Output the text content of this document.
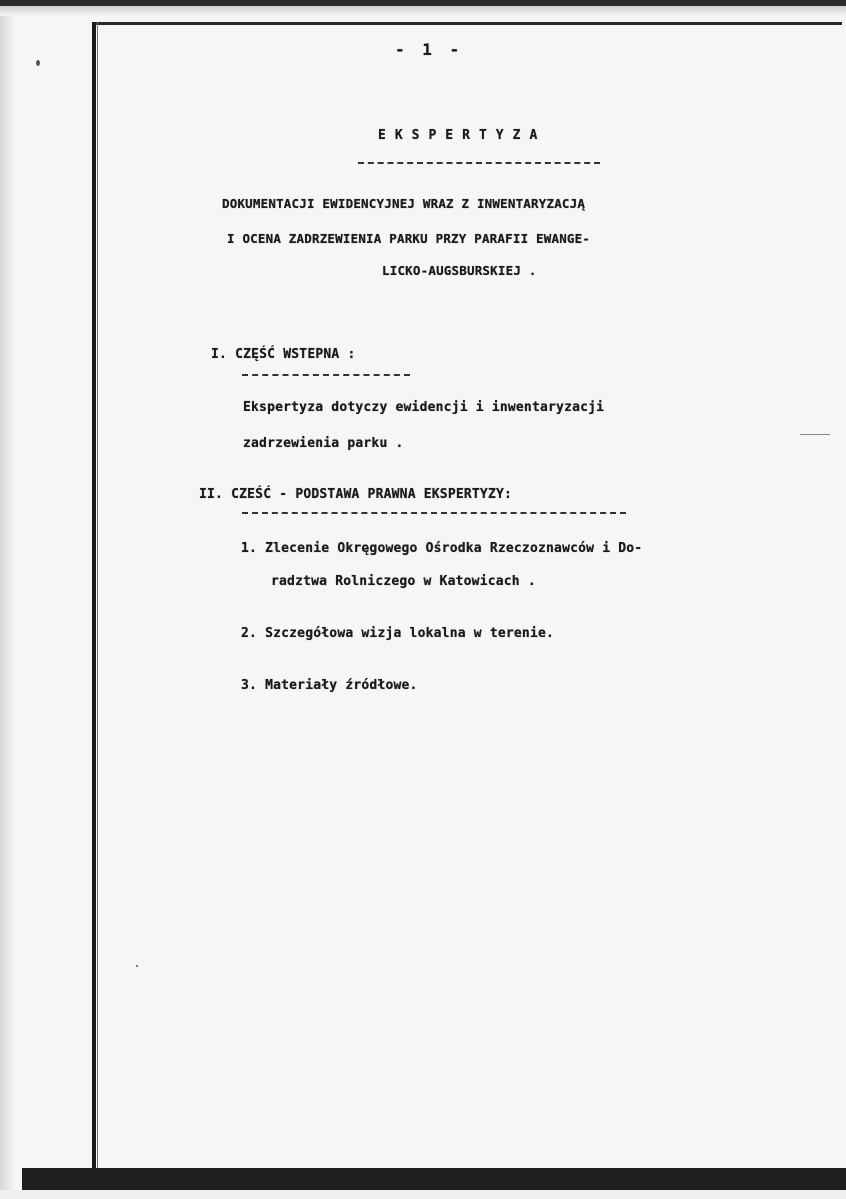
- 1 -
EKSPERTYZA
DOKUMENTACJI EWIDENCYJNEJ WRAZ Z INWENTARYZACJĄ
I OCENA ZADRZEWIENIA PARKU PRZY PARAFII EWANGE-
LICKO-AUGSBURSKIEJ .
I. CZĘŚĆ WSTEPNA :
Ekspertyza dotyczy ewidencji i inwentaryzacji
zadrzewienia parku .
II. CZEŚĆ - PODSTAWA PRAWNA EKSPERTYZY:
1. Zlecenie Okręgowego Ośrodka Rzeczoznawców i Do-
radztwa Rolniczego w Katowicach .
2. Szczegółowa wizja lokalna w terenie.
3. Materiały źródłowe.
